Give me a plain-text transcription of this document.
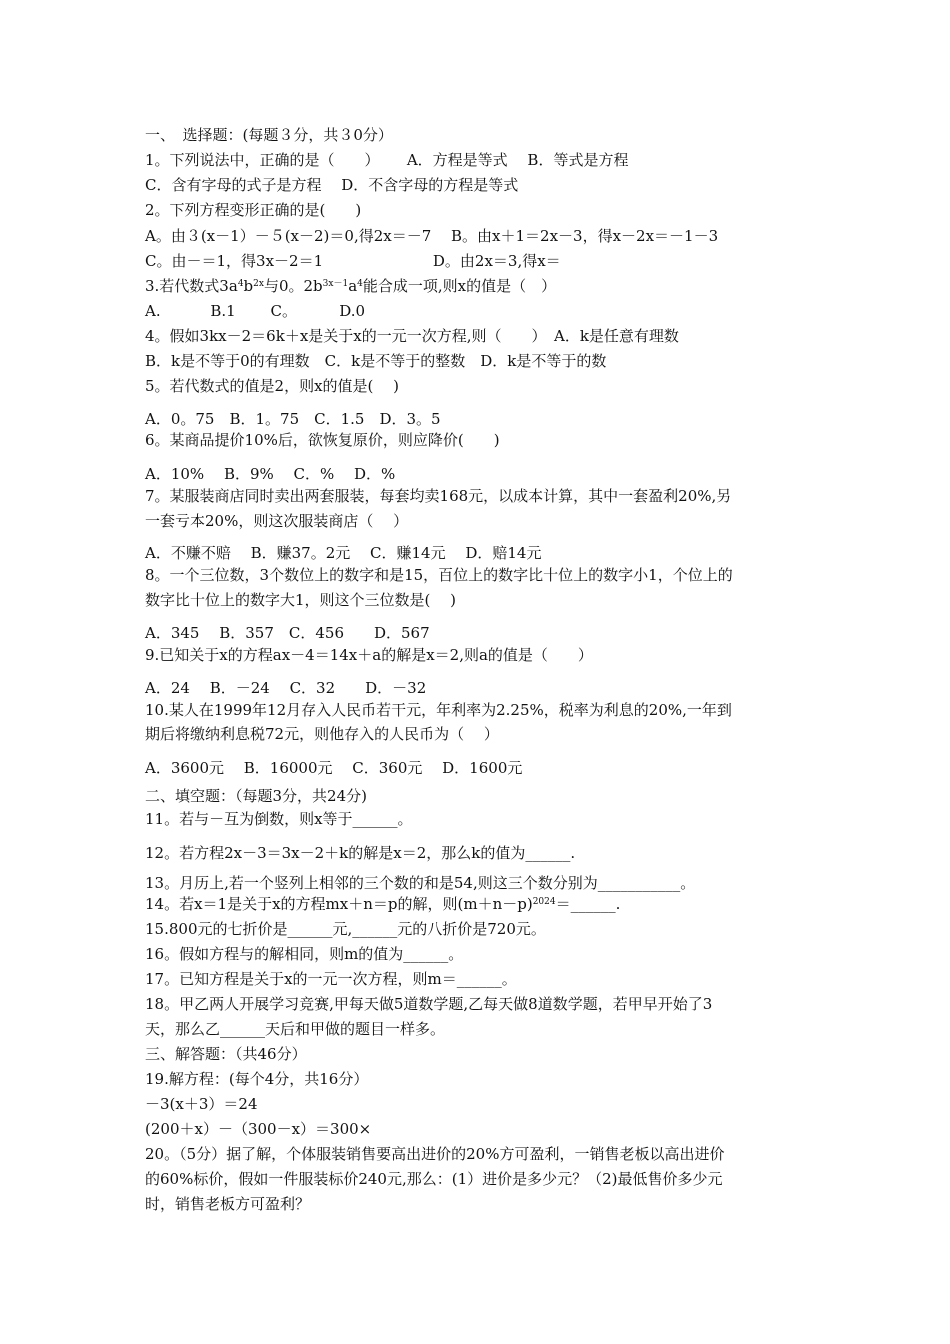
一、　选择题：(每题３分，共３0分）
1。下列说法中，正确的是（　　）　　 A．方程是等式　 B．等式是方程
C．含有字母的式子是方程　 D．不含字母的方程是等式
2。下列方程变形正确的是(　　)
A。由３(x－1）－５(x－2)＝0,得2x＝－7　 B。由x＋1＝2x－3，得x－2x＝－1－3
C。由－＝1，得3x－2＝1　　　　　　　 D。由2x＝3,得x＝
3.若代数式$3a^4b^{2x}$与0。$2b^{3x-1}a^4$能合成一项,则x的值是（　）
A.　　　 B.1　　 C。　　　 D.0
4。假如3kx－2＝6k＋x是关于x的一元一次方程,则（　　）　A．k是任意有理数
B．k是不等于0的有理数　C．k是不等于的整数　D．k是不等于的数
5。若代数式的值是2，则x的值是(　 )
A．0。75　B．1。75　C．1.5　D．3。5
6。某商品提价10%后，欲恢复原价，则应降价(　　)
A．10%　 B．9%　 C．%　 D．%
7。某服装商店同时卖出两套服装，每套均卖168元，以成本计算，其中一套盈利20%,另
一套亏本20%，则这次服装商店（　 ）
A．不赚不赔　 B．赚37。2元　 C．赚14元　 D．赔14元
8。一个三位数，3个数位上的数字和是15，百位上的数字比十位上的数字小1，个位上的
数字比十位上的数字大1，则这个三位数是(　 )
A．345　 B．357　C．456　　D．567
9.已知关于x的方程ax－4＝14x＋a的解是x＝2,则a的值是（　　）
A．24　 B．－24　 C．32　　D．－32
10.某人在1999年12月存入人民币若干元，年利率为2.25%，税率为利息的20%,一年到
期后将缴纳利息税72元，则他存入的人民币为（　 ）
A．3600元　 B．16000元　 C．360元　 D．1600元
二、填空题：（每题3分，共24分)
11。若与－互为倒数，则x等于______。
12。若方程2x－3＝3x－2＋k的解是x＝2，那么k的值为______.
13。月历上,若一个竖列上相邻的三个数的和是54,则这三个数分别为___________。
14。若x＝1是关于x的方程mx＋n＝p的解，则$(m+n-p)^{2024}=\_\_\_\_\_\_$.
15.800元的七折价是______元,______元的八折价是720元。
16。假如方程与的解相同，则m的值为______。
17。已知方程是关于x的一元一次方程，则m＝______。
18。甲乙两人开展学习竞赛,甲每天做5道数学题,乙每天做8道数学题，若甲早开始了3
天，那么乙______天后和甲做的题目一样多。
三、解答题：（共46分）
19.解方程：(每个4分，共16分）
－3(x＋3）＝24
(200＋x）－（300－x）＝300×
20。（5分）据了解，个体服装销售要高出进价的20%方可盈利，一销售老板以高出进价
的60%标价，假如一件服装标价240元,那么：(1）进价是多少元？（2)最低售价多少元
时，销售老板方可盈利？
